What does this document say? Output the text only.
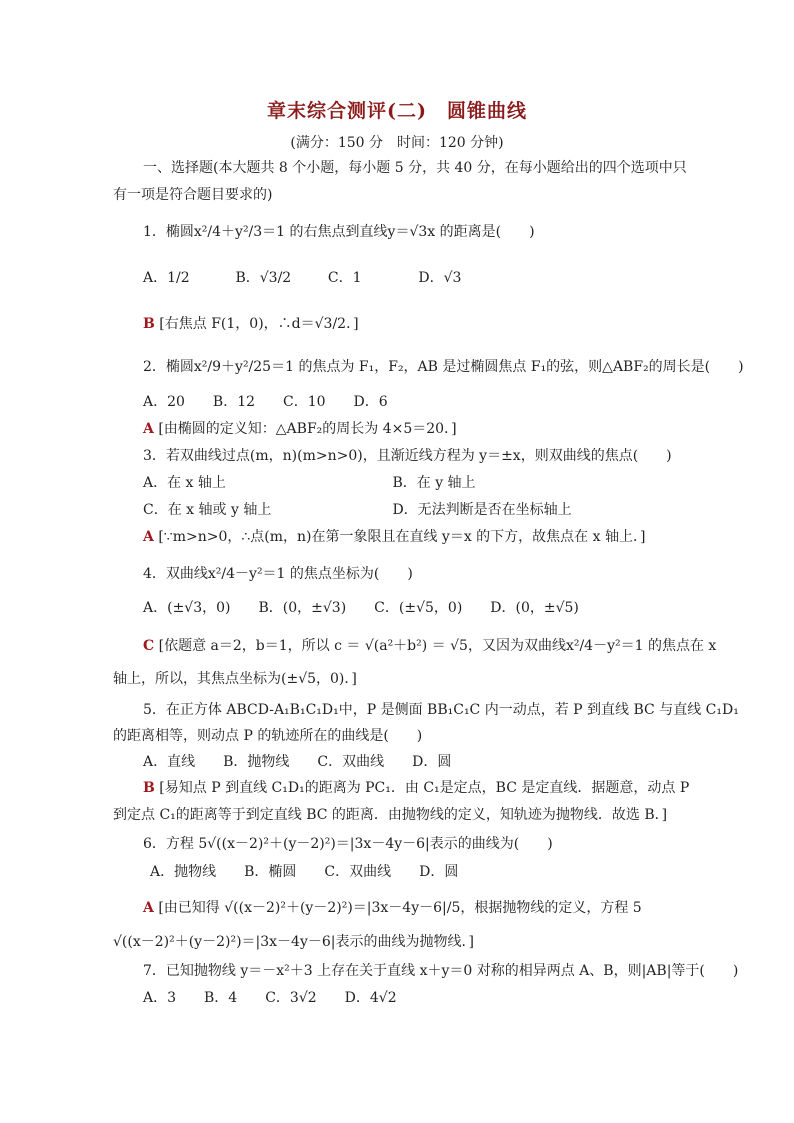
章末综合测评(二)　圆锥曲线
(满分：150 分　时间：120 分钟)
一、选择题(本大题共 8 个小题，每小题 5 分，共 40 分，在每小题给出的四个选项中只
有一项是符合题目要求的)
1．椭圆x²/4＋y²/3＝1 的右焦点到直线y＝√3x 的距离是(　　)
A．1/2	B．√3/2	C．1	D．√3
B [右焦点 F(1，0)，∴d＝√3/2．]
2．椭圆x²/9＋y²/25＝1 的焦点为 F₁，F₂，AB 是过椭圆焦点 F₁的弦，则△ABF₂的周长是(　　)
A．20　　B．12　　C．10　　D．6
A [由椭圆的定义知：△ABF₂的周长为 4×5＝20．]
3．若双曲线过点(m，n)(m>n>0)，且渐近线方程为 y＝±x，则双曲线的焦点(　　)
A．在 x 轴上	B．在 y 轴上
C．在 x 轴或 y 轴上	D．无法判断是否在坐标轴上
A [∵m>n>0，∴点(m，n)在第一象限且在直线 y＝x 的下方，故焦点在 x 轴上．]
4．双曲线x²/4－y²＝1 的焦点坐标为(　　)
A．(±√3，0)　　B．(0，±√3)　　C．(±√5，0)　　D．(0，±√5)
C [依题意 a＝2，b＝1，所以 c ＝ √(a²＋b²) ＝ √5，又因为双曲线x²/4－y²＝1 的焦点在 x
轴上，所以，其焦点坐标为(±√5，0)．]
5．在正方体 ABCD-A₁B₁C₁D₁中，P 是侧面 BB₁C₁C 内一动点，若 P 到直线 BC 与直线 C₁D₁
的距离相等，则动点 P 的轨迹所在的曲线是(　　)
A．直线　　B．抛物线　　C．双曲线　　D．圆
B [易知点 P 到直线 C₁D₁的距离为 PC₁．由 C₁是定点，BC 是定直线．据题意，动点 P
到定点 C₁的距离等于到定直线 BC 的距离．由抛物线的定义，知轨迹为抛物线．故选 B．]
6．方程 5√((x－2)²＋(y－2)²)＝|3x－4y－6|表示的曲线为(　　)
A．抛物线　　B．椭圆　　C．双曲线　　D．圆
A [由已知得 √((x－2)²＋(y－2)²)＝|3x－4y－6|/5，根据抛物线的定义，方程 5
√((x－2)²＋(y－2)²)＝|3x－4y－6|表示的曲线为抛物线．]
7．已知抛物线 y＝－x²＋3 上存在关于直线 x＋y＝0 对称的相异两点 A、B，则|AB|等于(　　)
A．3　　B．4　　C．3√2　　D．4√2
